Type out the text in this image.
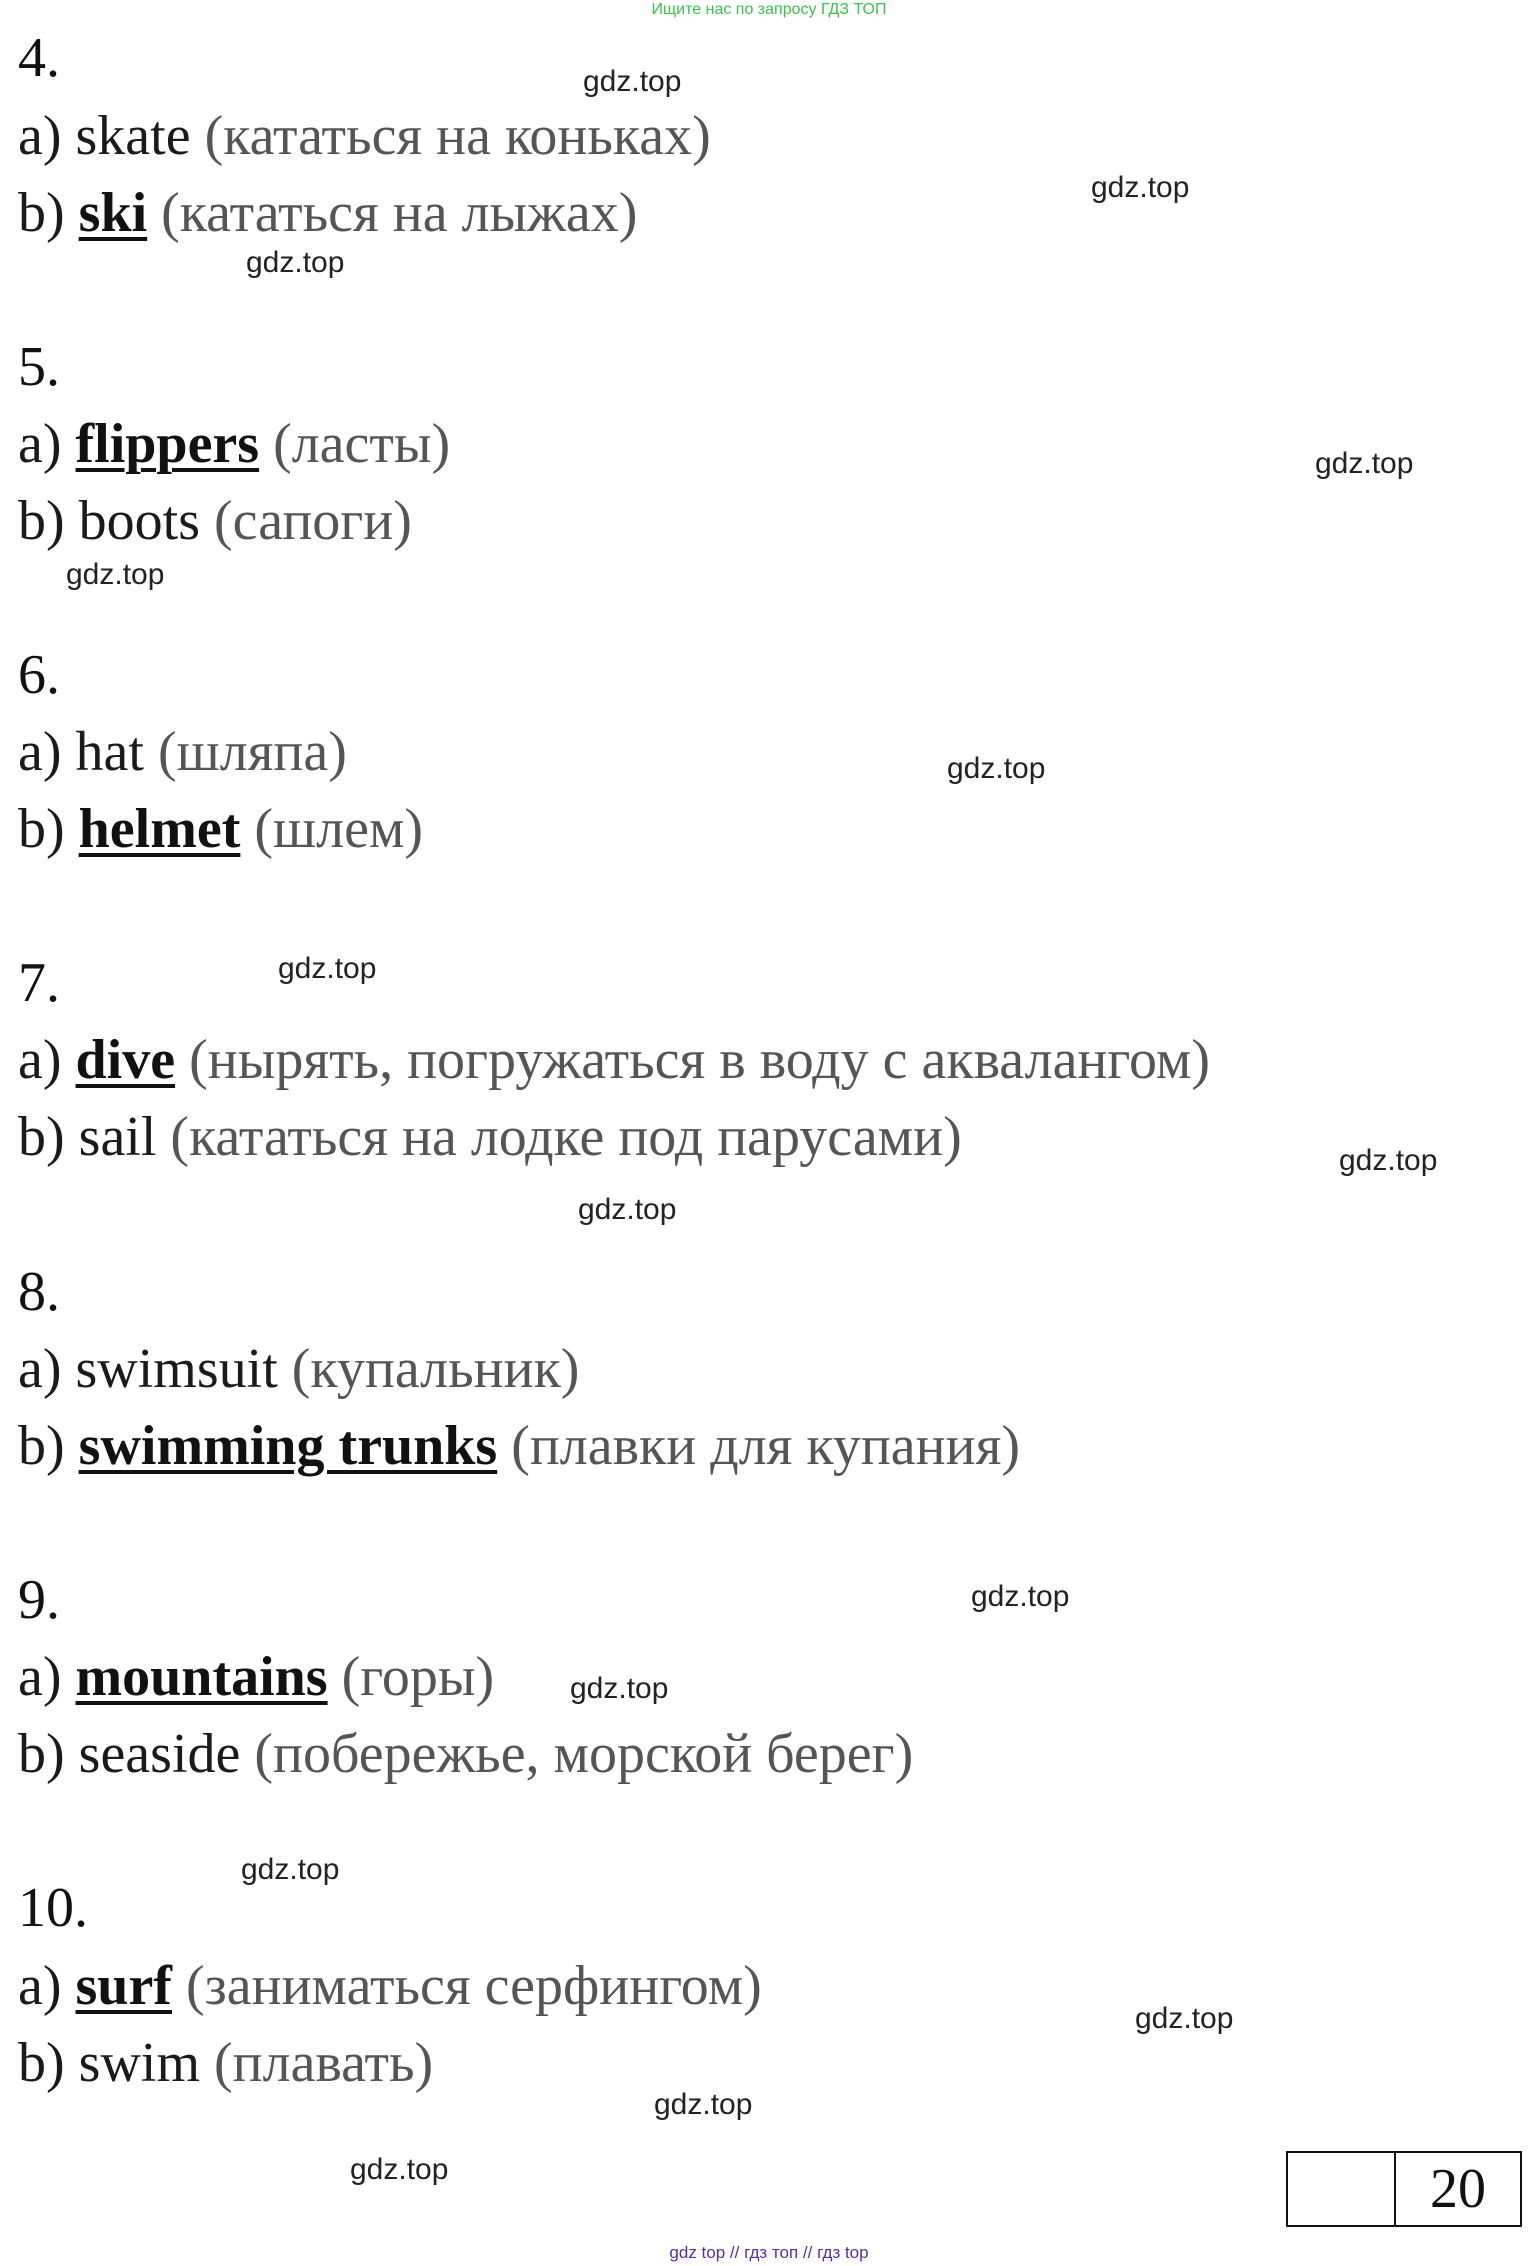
Ищите нас по запросу ГДЗ ТОП
4.
a) skate (кататься на коньках)
b) ski (кататься на лыжах)
5.
a) flippers (ласты)
b) boots (сапоги)
6.
a) hat (шляпа)
b) helmet (шлем)
7.
a) dive (нырять, погружаться в воду с аквалангом)
b) sail (кататься на лодке под парусами)
8.
a) swimsuit (купальник)
b) swimming trunks (плавки для купания)
9.
a) mountains (горы)
b) seaside (побережье, морской берег)
10.
a) surf (заниматься серфингом)
b) swim (плавать)
gdz.top
gdz.top
gdz.top
gdz.top
gdz.top
gdz.top
gdz.top
gdz.top
gdz.top
gdz.top
gdz.top
gdz.top
gdz.top
gdz.top
gdz.top	20
gdz top // гдз топ // гдз top
